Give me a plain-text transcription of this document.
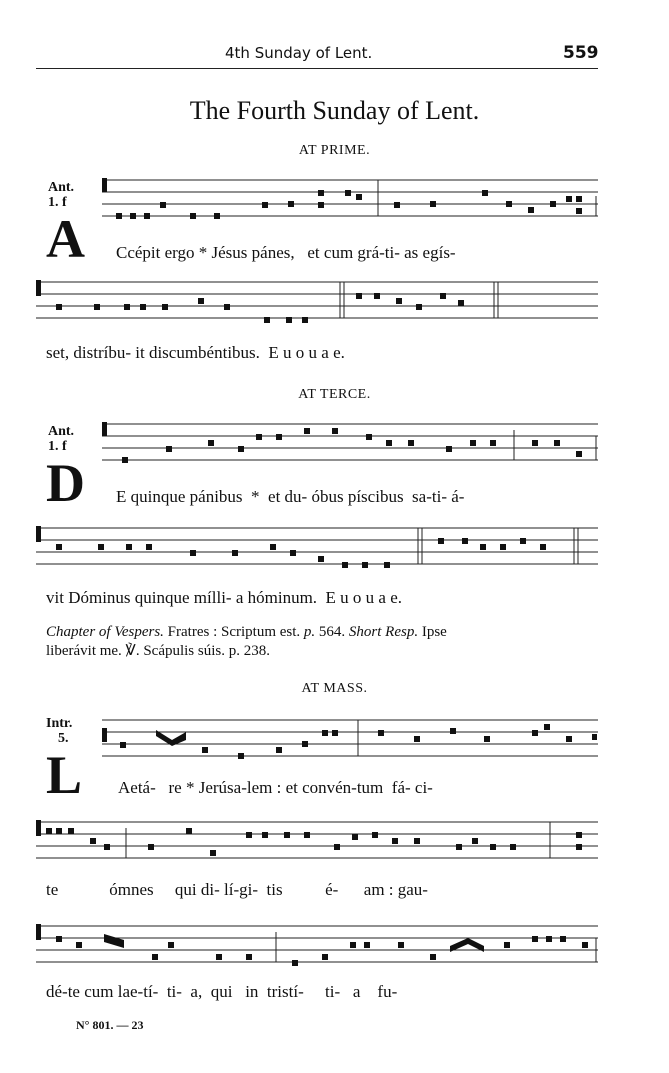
4th Sunday of Lent.	559
The Fourth Sunday of Lent.
AT PRIME.
Ant.
1. f
A Ccépit ergo * Jésus pánes,   et cum grá-ti- as egís-
set, distríbu- it discumbéntibus.  E u o u a e.
AT TERCE.
Ant.
1. f
D E quinque pánibus  *  et du- óbus píscibus  sa-ti- á-
vit Dóminus quinque mílli- a hóminum.  E u o u a e.
Chapter of Vespers. Fratres : Scriptum est. p. 564. Short Resp. Ipse
liberávit me. ℣. Scápulis súis. p. 238.
AT MASS.
Intr.
5.
L Aetá-   re * Jerúsa-lem : et convén-tum  fá- ci-
te            ómnes     qui di- lí-gi-  tis          é-      am : gau-
dé-te cum lae-tí-  ti-  a,  qui   in  tristí-     ti-   a    fu-
N° 801. — 23
